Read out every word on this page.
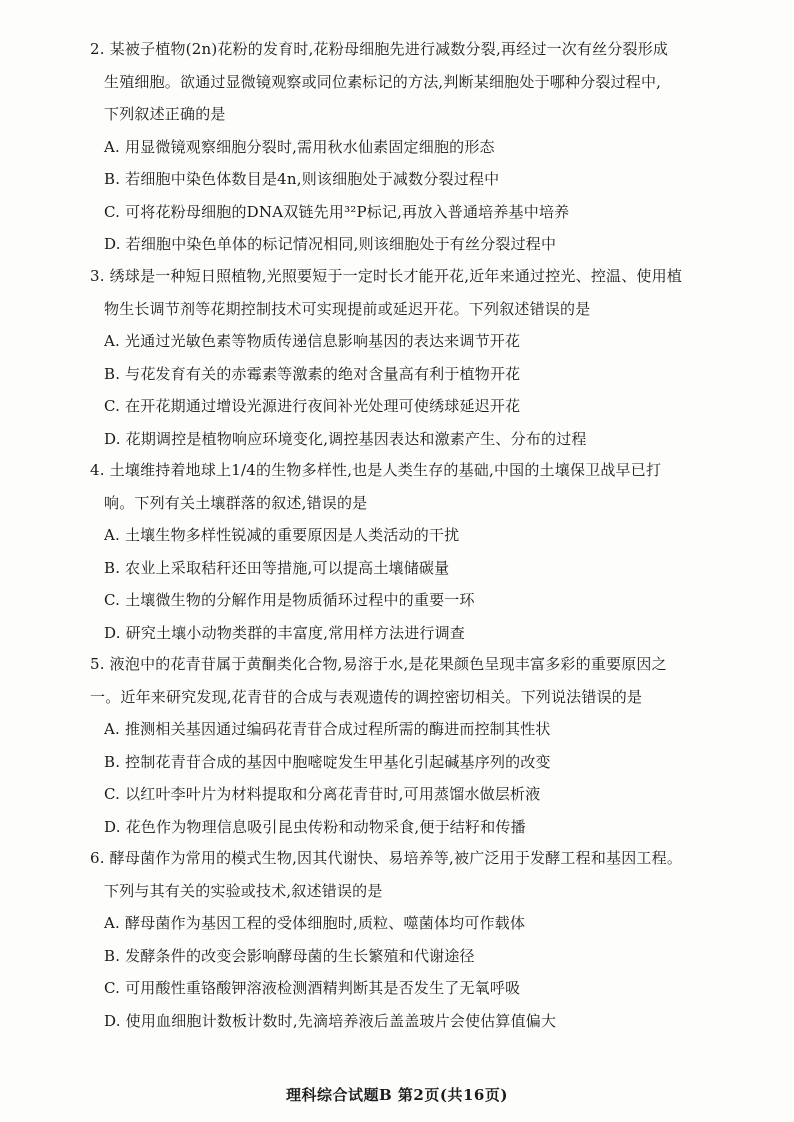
2. 某被子植物(2n)花粉的发育时,花粉母细胞先进行减数分裂,再经过一次有丝分裂形成
生殖细胞。欲通过显微镜观察或同位素标记的方法,判断某细胞处于哪种分裂过程中,
下列叙述正确的是
A. 用显微镜观察细胞分裂时,需用秋水仙素固定细胞的形态
B. 若细胞中染色体数目是4n,则该细胞处于减数分裂过程中
C. 可将花粉母细胞的DNA双链先用³²P标记,再放入普通培养基中培养
D. 若细胞中染色单体的标记情况相同,则该细胞处于有丝分裂过程中
3. 绣球是一种短日照植物,光照要短于一定时长才能开花,近年来通过控光、控温、使用植
物生长调节剂等花期控制技术可实现提前或延迟开花。下列叙述错误的是
A. 光通过光敏色素等物质传递信息影响基因的表达来调节开花
B. 与花发育有关的赤霉素等激素的绝对含量高有利于植物开花
C. 在开花期通过增设光源进行夜间补光处理可使绣球延迟开花
D. 花期调控是植物响应环境变化,调控基因表达和激素产生、分布的过程
4. 土壤维持着地球上1/4的生物多样性,也是人类生存的基础,中国的土壤保卫战早已打
响。下列有关土壤群落的叙述,错误的是
A. 土壤生物多样性锐减的重要原因是人类活动的干扰
B. 农业上采取秸秆还田等措施,可以提高土壤储碳量
C. 土壤微生物的分解作用是物质循环过程中的重要一环
D. 研究土壤小动物类群的丰富度,常用样方法进行调查
5. 液泡中的花青苷属于黄酮类化合物,易溶于水,是花果颜色呈现丰富多彩的重要原因之
一。近年来研究发现,花青苷的合成与表观遗传的调控密切相关。下列说法错误的是
A. 推测相关基因通过编码花青苷合成过程所需的酶进而控制其性状
B. 控制花青苷合成的基因中胞嘧啶发生甲基化引起碱基序列的改变
C. 以红叶李叶片为材料提取和分离花青苷时,可用蒸馏水做层析液
D. 花色作为物理信息吸引昆虫传粉和动物采食,便于结籽和传播
6. 酵母菌作为常用的模式生物,因其代谢快、易培养等,被广泛用于发酵工程和基因工程。
下列与其有关的实验或技术,叙述错误的是
A. 酵母菌作为基因工程的受体细胞时,质粒、噬菌体均可作载体
B. 发酵条件的改变会影响酵母菌的生长繁殖和代谢途径
C. 可用酸性重铬酸钾溶液检测酒精判断其是否发生了无氧呼吸
D. 使用血细胞计数板计数时,先滴培养液后盖盖玻片会使估算值偏大
理科综合试题B 第2页(共16页)
